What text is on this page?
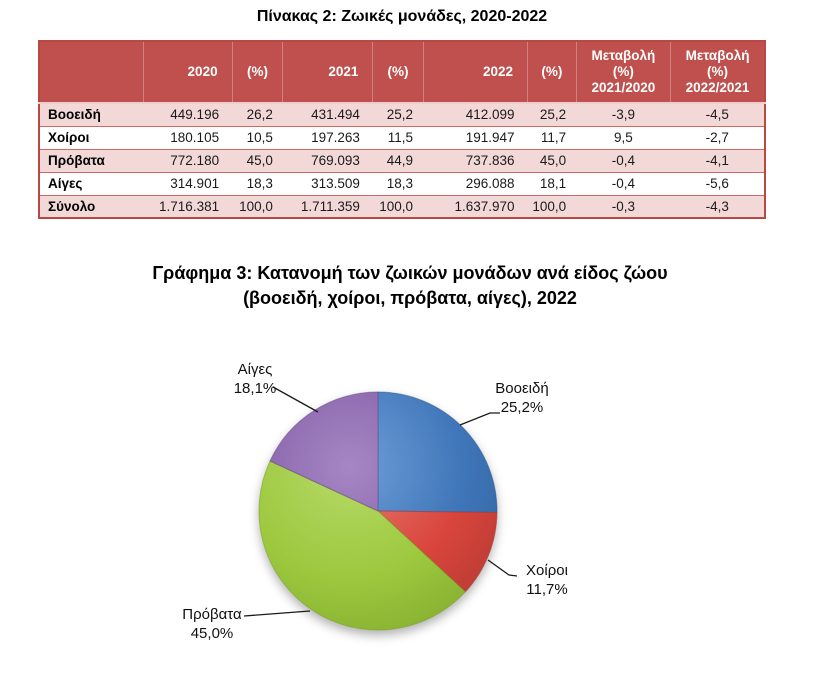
Πίνακας 2: Ζωικές μονάδες, 2020-2022
	2020	(%)	2021	(%)	2022	(%)	Μεταβολή (%) 2021/2020	Μεταβολή (%) 2022/2021
Βοοειδή	449.196	26,2	431.494	25,2	412.099	25,2	-3,9	-4,5
Χοίροι	180.105	10,5	197.263	11,5	191.947	11,7	9,5	-2,7
Πρόβατα	772.180	45,0	769.093	44,9	737.836	45,0	-0,4	-4,1
Αίγες	314.901	18,3	313.509	18,3	296.088	18,1	-0,4	-5,6
Σύνολο	1.716.381	100,0	1.711.359	100,0	1.637.970	100,0	-0,3	-4,3
Γράφημα 3: Κατανομή των ζωικών μονάδων ανά είδος ζώου
(βοοειδή, χοίροι, πρόβατα, αίγες), 2022
Αίγες
18,1%	Βοοειδή
25,2%
Χοίροι
11,7%
Πρόβατα
45,0%
